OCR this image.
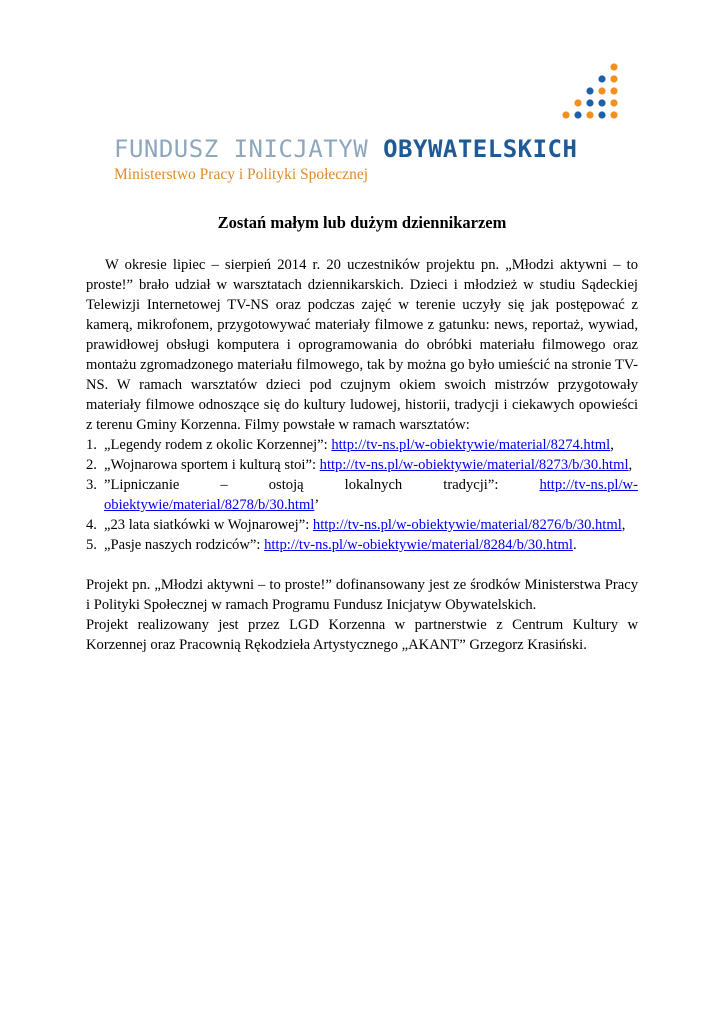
FUNDUSZ INICJATYW OBYWATELSKICH
Ministerstwo Pracy i Polityki Społecznej
Zostań małym lub dużym dziennikarzem

W okresie lipiec – sierpień 2014 r. 20 uczestników projektu pn. „Młodzi aktywni – to proste!” brało udział w warsztatach dziennikarskich. Dzieci i młodzież w studiu Sądeckiej Telewizji Internetowej TV-NS oraz podczas zajęć w terenie uczyły się jak postępować z kamerą, mikrofonem, przygotowywać materiały filmowe z gatunku: news, reportaż, wywiad, prawidłowej obsługi komputera i oprogramowania do obróbki materiału filmowego oraz montażu zgromadzonego materiału filmowego, tak by można go było umieścić na stronie TV-NS. W ramach warsztatów dzieci pod czujnym okiem swoich mistrzów przygotowały materiały filmowe odnoszące się do kultury ludowej, historii, tradycji i ciekawych opowieści z terenu Gminy Korzenna. Filmy powstałe w ramach warsztatów:

1. „Legendy rodem z okolic Korzennej”: http://tv-ns.pl/w-obiektywie/material/8274.html,
2. „Wojnarowa sportem i kulturą stoi”: http://tv-ns.pl/w-obiektywie/material/8273/b/30.html,
3. ”Lipniczanie	–	ostoją	lokalnych	tradycji”:	http://tv-ns.pl/w-
obiektywie/material/8278/b/30.html’
4. „23 lata siatkówki w Wojnarowej”: http://tv-ns.pl/w-obiektywie/material/8276/b/30.html,
5. „Pasje naszych rodziców”: http://tv-ns.pl/w-obiektywie/material/8284/b/30.html.

Projekt pn. „Młodzi aktywni – to proste!” dofinansowany jest ze środków Ministerstwa Pracy i Polityki Społecznej w ramach Programu Fundusz Inicjatyw Obywatelskich.

Projekt realizowany jest przez LGD Korzenna w partnerstwie z Centrum Kultury w Korzennej oraz Pracownią Rękodzieła Artystycznego „AKANT” Grzegorz Krasiński.
